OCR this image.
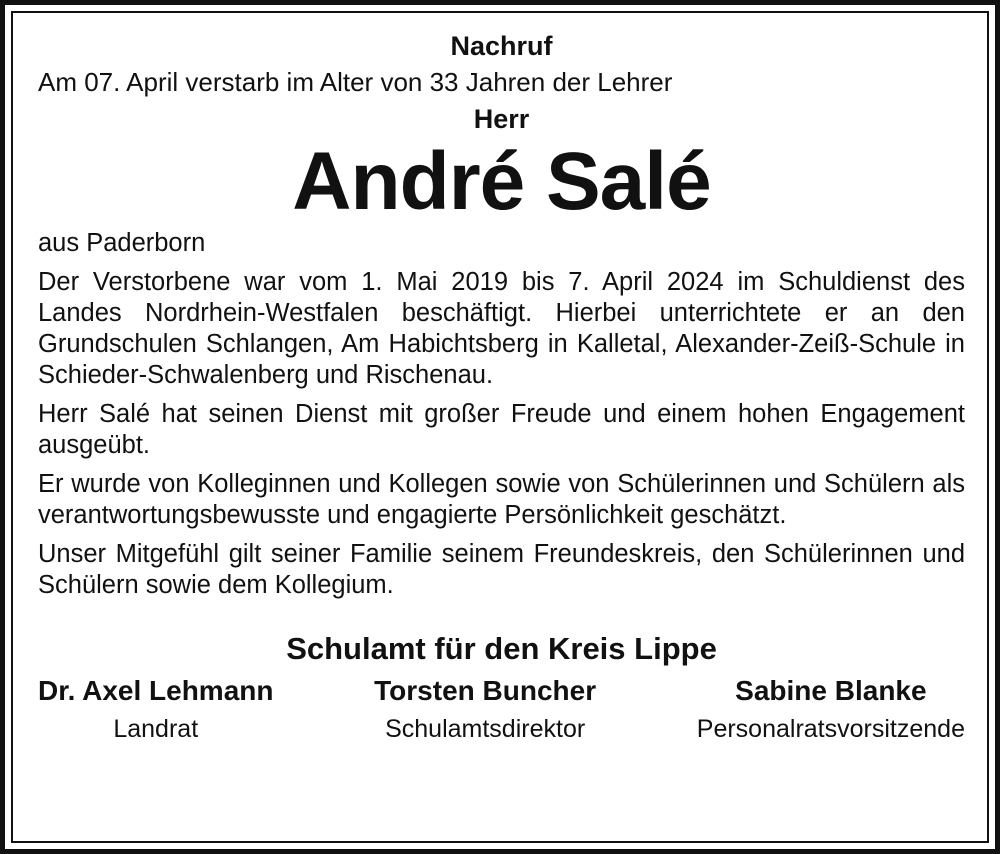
Nachruf

Am 07. April verstarb im Alter von 33 Jahren der Lehrer

Herr

André Salé

aus Paderborn

Der Verstorbene war vom 1. Mai 2019 bis 7. April 2024 im Schuldienst des Landes Nordrhein-Westfalen beschäftigt. Hierbei unterrichtete er an den Grundschulen Schlangen, Am Habichtsberg in Kalletal, Alexander-Zeiß-Schule in Schieder-Schwalenberg und Rischenau.

Herr Salé hat seinen Dienst mit großer Freude und einem hohen Engagement ausgeübt.

Er wurde von Kolleginnen und Kollegen sowie von Schülerinnen und Schülern als verantwortungsbewusste und engagierte Persönlichkeit geschätzt.

Unser Mitgefühl gilt seiner Familie seinem Freundeskreis, den Schülerinnen und Schülern sowie dem Kollegium.

Schulamt für den Kreis Lippe

Dr. Axel Lehmann
Landrat
Torsten Buncher
Schulamtsdirektor
Sabine Blanke
Personalratsvorsitzende
